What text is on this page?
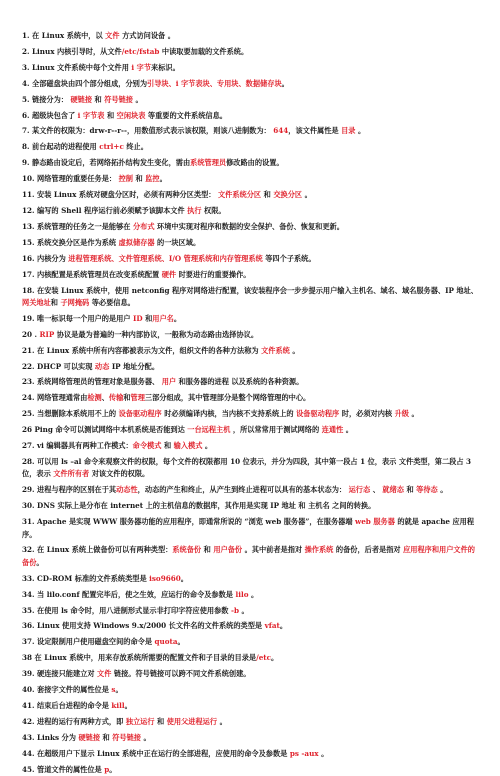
1. 在 Linux 系统中，以 文件 方式访问设备 。
2. Linux 内核引导时，从文件/etc/fstab 中读取要加载的文件系统。
3. Linux 文件系统中每个文件用 i 字节来标识。
4. 全部磁盘块由四个部分组成，分别为引导块、i 字节表块、专用块、数据储存块。
5. 链接分为： 硬链接 和 符号链接 。
6. 超级块包含了 i 字节表 和 空闲块表 等重要的文件系统信息。
7. 某文件的权限为：drw-r--r--，用数值形式表示该权限，则该八进制数为： 644，该文件属性是 目录 。
8. 前台起动的进程使用 ctrl+c 终止。
9. 静态路由设定后，若网络拓扑结构发生变化，需由系统管理员修改路由的设置。
10. 网络管理的重要任务是： 控制 和 监控。
11. 安装 Linux 系统对硬盘分区时，必须有两种分区类型： 文件系统分区 和 交换分区 。
12. 编写的 Shell 程序运行前必须赋予该脚本文件 执行 权限。
13. 系统管理的任务之一是能够在 分布式 环境中实现对程序和数据的安全保护、备份、恢复和更新。
15. 系统交换分区是作为系统 虚拟储存器 的一块区域。
16. 内核分为 进程管理系统、文件管理系统、I/O 管理系统和内存管理系统 等四个子系统。
17. 内核配置是系统管理员在改变系统配置 硬件 时要进行的重要操作。
18. 在安装 Linux 系统中，使用 netconfig 程序对网络进行配置，该安装程序会一步步提示用户输入主机名、域名、域名服务器、IP 地址、 网关地址和 子网掩码 等必要信息。
19. 唯一标识每一个用户的是用户 ID 和用户名。
20 . RIP 协议是最为普遍的一种内部协议，一般称为动态路由选择协议。
21. 在 Linux 系统中所有内容都被表示为文件，组织文件的各种方法称为 文件系统 。
22. DHCP 可以实现 动态 IP 地址分配。
23. 系统网络管理员的管理对象是服务器、 用户 和服务器的进程 以及系统的各种资源。
24. 网络管理通常由检测、传输和管理三部分组成，其中管理部分是整个网络管理的中心。
25. 当想删除本系统用不上的 设备驱动程序 时必须编译内核，当内核不支持系统上的 设备驱动程序 时，必须对内核 升级 。
26 Ping 命令可以测试网络中本机系统是否能到达 一台远程主机 ，所以常常用于测试网络的 连通性 。
27. vi 编辑器具有两种工作模式：命令模式 和 输入模式 。
28. 可以用 ls –al 命令来观察文件的权限，每个文件的权限都用 10 位表示，并分为四段，其中第一段占 1 位，表示 文件类型，第二段占 3 位，表示 文件所有者 对该文件的权限。
29. 进程与程序的区别在于其动态性，动态的产生和终止，从产生到终止进程可以具有的基本状态为： 运行态 、 就绪态 和 等待态 。
30. DNS 实际上是分布在 internet 上的主机信息的数据库，其作用是实现 IP 地址 和 主机名 之间的转换。
31. Apache 是实现 WWW 服务器功能的应用程序，即通常所说的 “浏览 web 服务器”，在服务器端 web 服务器 的就是 apache 应用程序。
32. 在 Linux 系统上做备份可以有两种类型：系统备份 和 用户备份 。其中前者是指对 操作系统 的备份，后者是指对 应用程序和用户文件的备份。
33. CD-ROM 标准的文件系统类型是 iso9660。
34. 当 lilo.conf 配置完毕后，使之生效，应运行的命令及参数是 lilo 。
35. 在使用 ls 命令时，用八进制形式显示非打印字符应使用参数 -b 。
36. Linux 使用支持 Windows 9.x/2000 长文件名的文件系统的类型是 vfat。
37. 设定限制用户使用磁盘空间的命令是 quota。
38 在 Linux 系统中，用来存放系统所需要的配置文件和子目录的目录是/etc。
39. 硬连接只能建立对 文件 链接。符号链接可以跨不同文件系统创建。
40. 套接字文件的属性位是 s。
41. 结束后台进程的命令是 kill。
42. 进程的运行有两种方式，即 独立运行 和 使用父进程运行 。
43. Links 分为 硬链接 和 符号链接 。
44. 在超级用户下显示 Linux 系统中正在运行的全部进程，应使用的命令及参数是 ps -aux 。
45. 管道文件的属性位是 p。
